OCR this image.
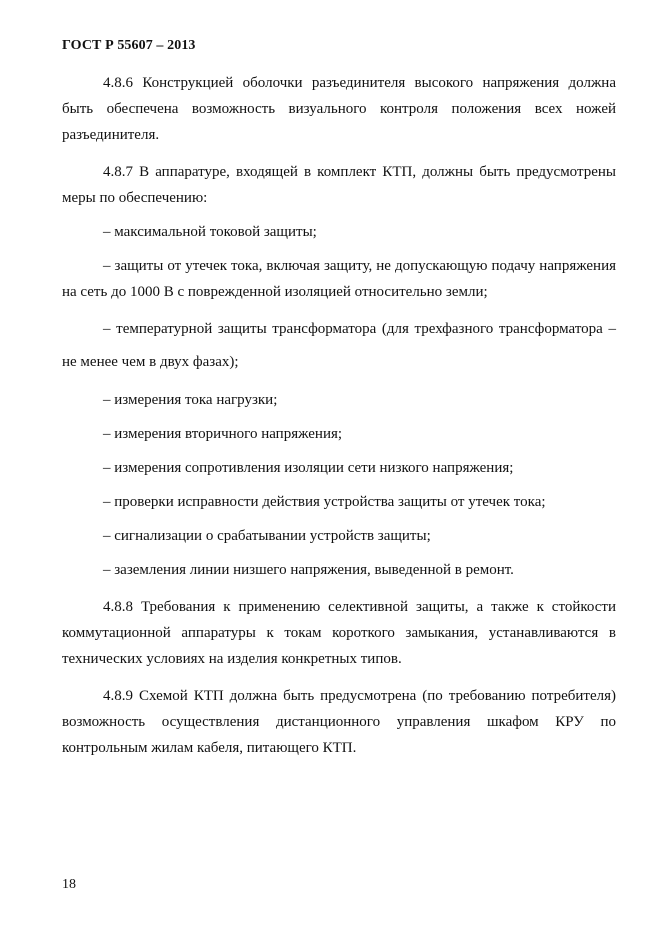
ГОСТ Р 55607 – 2013

4.8.6 Конструкцией оболочки разъединителя высокого напряжения должна быть обеспечена возможность визуального контроля положения всех ножей разъединителя.

4.8.7 В аппаратуре, входящей в комплект КТП, должны быть предусмотрены меры по обеспечению:

– максимальной токовой защиты;

– защиты от утечек тока, включая защиту, не допускающую подачу напряжения на сеть до 1000 В с поврежденной изоляцией относительно земли;

– температурной защиты трансформатора (для трехфазного трансформатора – не менее чем в двух фазах);

– измерения тока нагрузки;

– измерения вторичного напряжения;

– измерения сопротивления изоляции сети низкого напряжения;

– проверки исправности действия устройства защиты от утечек тока;

– сигнализации о срабатывании устройств защиты;

– заземления линии низшего напряжения, выведенной в ремонт.

4.8.8 Требования к применению селективной защиты, а также к стойкости коммутационной аппаратуры к токам короткого замыкания, устанавливаются в технических условиях на изделия конкретных типов.

4.8.9 Схемой КТП должна быть предусмотрена (по требованию потребителя) возможность осуществления дистанционного управления шкафом КРУ по контрольным жилам кабеля, питающего КТП.

18
